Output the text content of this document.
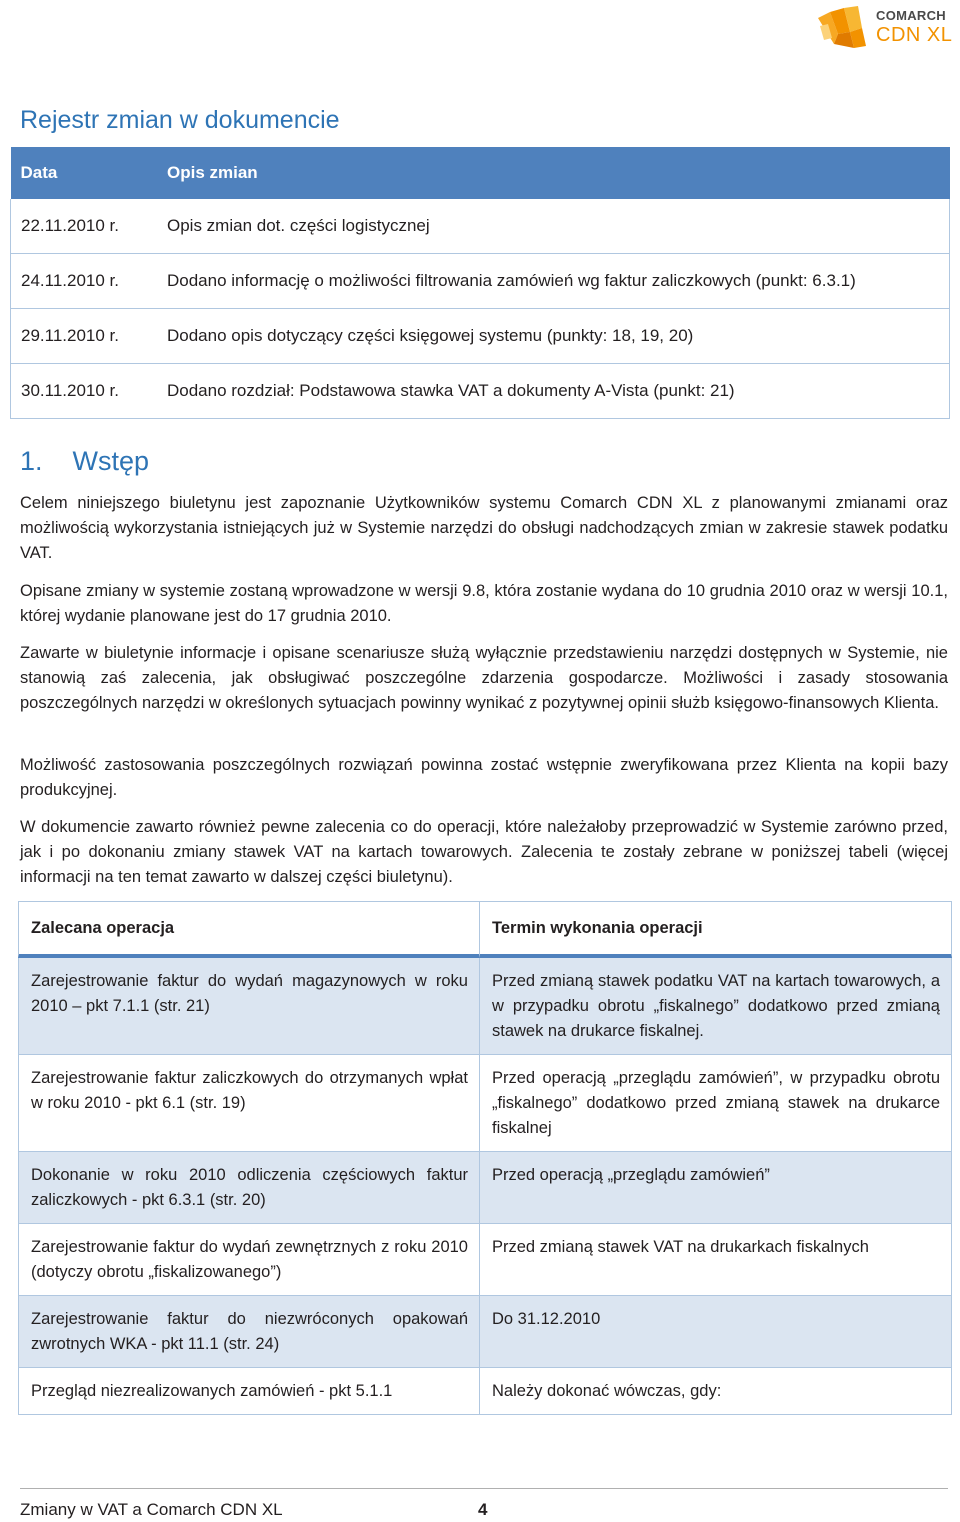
COMARCH
CDN XL
Rejestr zmian w dokumencie
Data	Opis zmian
22.11.2010 r.	Opis zmian dot. części logistycznej
24.11.2010 r.	Dodano informację o możliwości filtrowania zamówień wg faktur zaliczkowych (punkt: 6.3.1)
29.11.2010 r.	Dodano opis dotyczący części księgowej systemu (punkty: 18, 19, 20)
30.11.2010 r.	Dodano rozdział: Podstawowa stawka VAT a dokumenty A-Vista (punkt: 21)
1. Wstęp
Celem niniejszego biuletynu jest zapoznanie Użytkowników systemu Comarch CDN XL z planowanymi zmianami oraz możliwością wykorzystania istniejących już w Systemie narzędzi do obsługi nadchodzących zmian w zakresie stawek podatku VAT.
Opisane zmiany w systemie zostaną wprowadzone w wersji 9.8, która zostanie wydana do 10 grudnia 2010 oraz w wersji 10.1, której wydanie planowane jest do 17 grudnia 2010.
Zawarte w biuletynie informacje i opisane scenariusze służą wyłącznie przedstawieniu narzędzi dostępnych w Systemie, nie stanowią zaś zalecenia, jak obsługiwać poszczególne zdarzenia gospodarcze. Możliwości i zasady stosowania poszczególnych narzędzi w określonych sytuacjach powinny wynikać z pozytywnej opinii służb księgowo-finansowych Klienta.
Możliwość zastosowania poszczególnych rozwiązań powinna zostać wstępnie zweryfikowana przez Klienta na kopii bazy produkcyjnej.
W dokumencie zawarto również pewne zalecenia co do operacji, które należałoby przeprowadzić w Systemie zarówno przed, jak i po dokonaniu zmiany stawek VAT na kartach towarowych. Zalecenia te zostały zebrane w poniższej tabeli (więcej informacji na ten temat zawarto w dalszej części biuletynu).
Zalecana operacja	Termin wykonania operacji
Zarejestrowanie faktur do wydań magazynowych w roku 2010 – pkt 7.1.1 (str. 21)	Przed zmianą stawek podatku VAT na kartach towarowych, a w przypadku obrotu „fiskalnego” dodatkowo przed zmianą stawek na drukarce fiskalnej.
Zarejestrowanie faktur zaliczkowych do otrzymanych wpłat w roku 2010 - pkt 6.1 (str. 19)	Przed operacją „przeglądu zamówień”, w przypadku obrotu „fiskalnego” dodatkowo przed zmianą stawek na drukarce fiskalnej
Dokonanie w roku 2010 odliczenia częściowych faktur zaliczkowych - pkt 6.3.1 (str. 20)	Przed operacją „przeglądu zamówień”
Zarejestrowanie faktur do wydań zewnętrznych z roku 2010 (dotyczy obrotu „fiskalizowanego”)	Przed zmianą stawek VAT na drukarkach fiskalnych
Zarejestrowanie faktur do niezwróconych opakowań zwrotnych WKA - pkt 11.1 (str. 24)	Do 31.12.2010
Przegląd niezrealizowanych zamówień - pkt 5.1.1	Należy dokonać wówczas, gdy:
Zmiany w VAT a Comarch CDN XL	4
